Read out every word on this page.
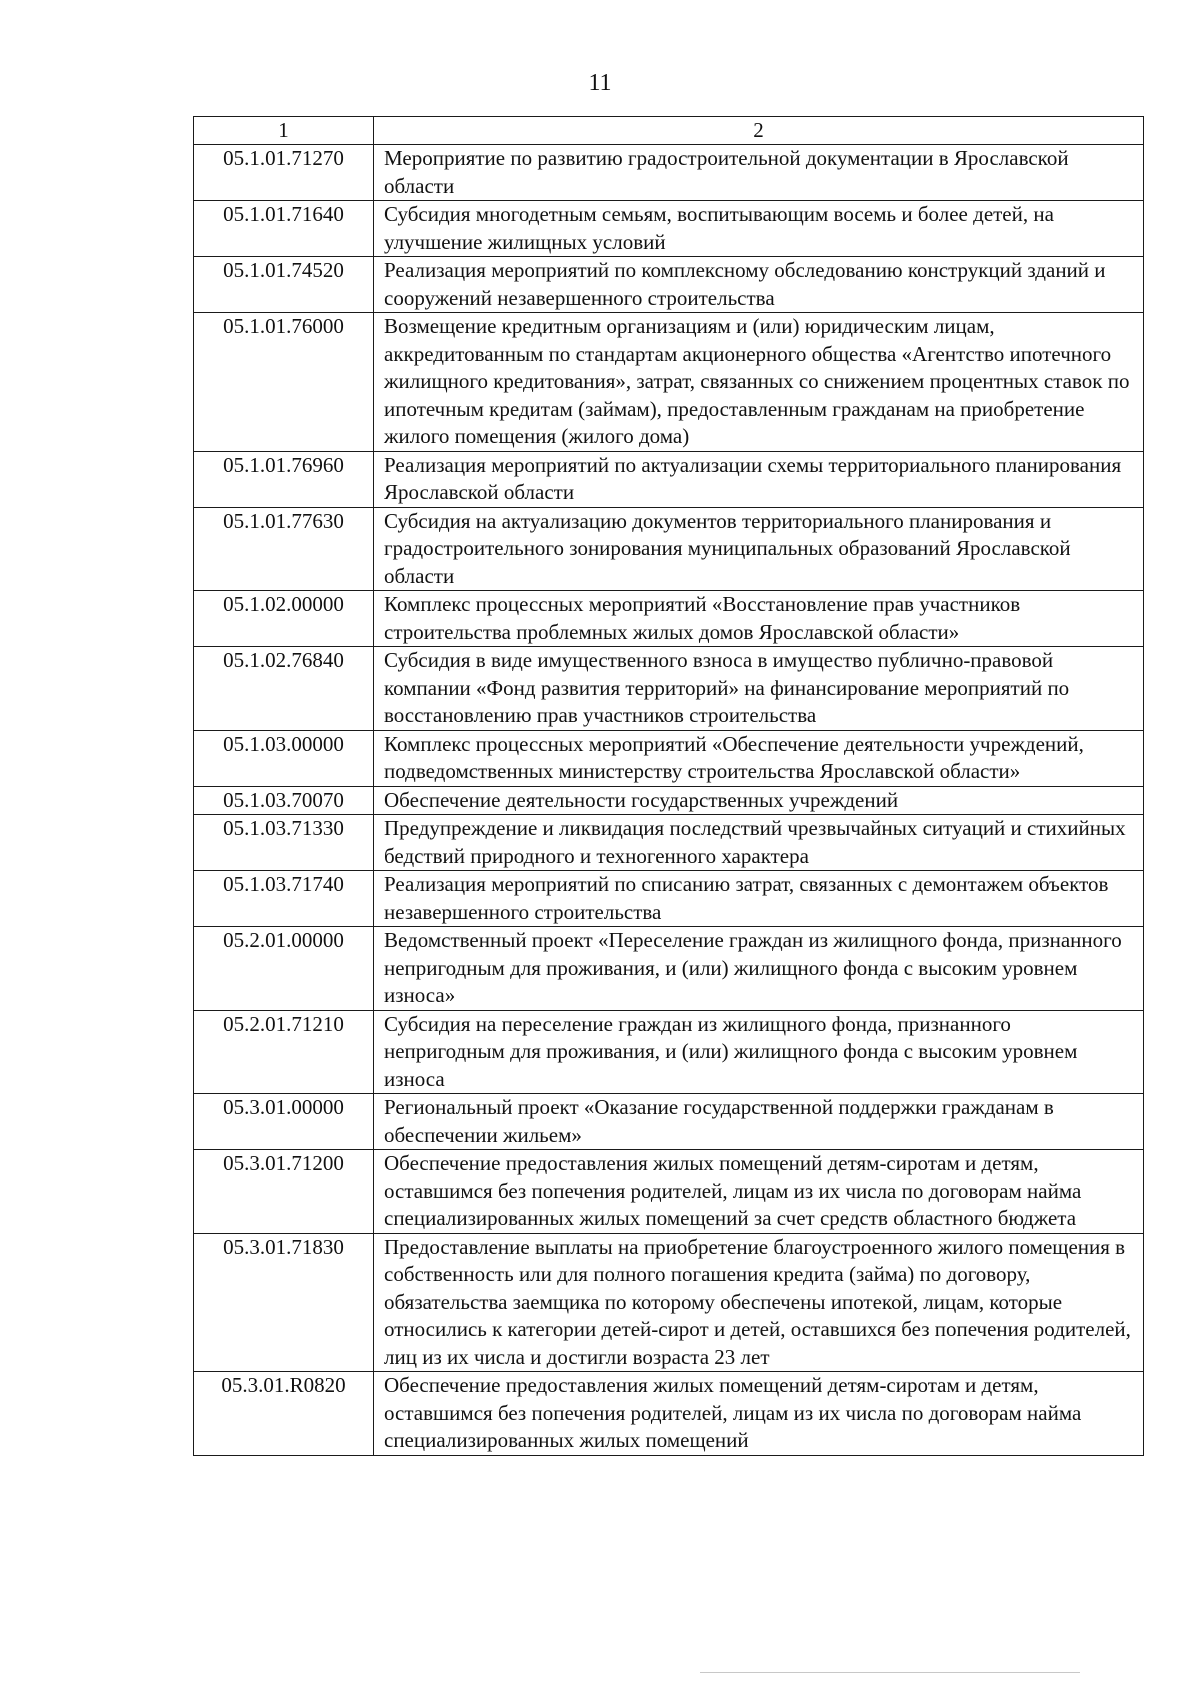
11
1	2
05.1.01.71270	Мероприятие по развитию градостроительной документации в Ярославской области
05.1.01.71640	Субсидия многодетным семьям, воспитывающим восемь и более детей, на улучшение жилищных условий
05.1.01.74520	Реализация мероприятий по комплексному обследованию конструкций зданий и сооружений незавершенного строительства
05.1.01.76000	Возмещение кредитным организациям и (или) юридическим лицам, аккредитованным по стандартам акционерного общества «Агентство ипотечного жилищного кредитования», затрат, связанных со снижением процентных ставок по ипотечным кредитам (займам), предоставленным гражданам на приобретение жилого помещения (жилого дома)
05.1.01.76960	Реализация мероприятий по актуализации схемы территориального планирования Ярославской области
05.1.01.77630	Субсидия на актуализацию документов территориального планирования и градостроительного зонирования муниципальных образований Ярославской области
05.1.02.00000	Комплекс процессных мероприятий «Восстановление прав участников строительства проблемных жилых домов Ярославской области»
05.1.02.76840	Субсидия в виде имущественного взноса в имущество публично-правовой компании «Фонд развития территорий» на финансирование мероприятий по восстановлению прав участников строительства
05.1.03.00000	Комплекс процессных мероприятий «Обеспечение деятельности учреждений, подведомственных министерству строительства Ярославской области»
05.1.03.70070	Обеспечение деятельности государственных учреждений
05.1.03.71330	Предупреждение и ликвидация последствий чрезвычайных ситуаций и стихийных бедствий природного и техногенного характера
05.1.03.71740	Реализация мероприятий по списанию затрат, связанных с демонтажем объектов незавершенного строительства
05.2.01.00000	Ведомственный проект «Переселение граждан из жилищного фонда, признанного непригодным для проживания, и (или) жилищного фонда с высоким уровнем износа»
05.2.01.71210	Субсидия на переселение граждан из жилищного фонда, признанного непригодным для проживания, и (или) жилищного фонда с высоким уровнем износа
05.3.01.00000	Региональный проект «Оказание государственной поддержки гражданам в обеспечении жильем»
05.3.01.71200	Обеспечение предоставления жилых помещений детям-сиротам и детям, оставшимся без попечения родителей, лицам из их числа по договорам найма специализированных жилых помещений за счет средств областного бюджета
05.3.01.71830	Предоставление выплаты на приобретение благоустроенного жилого помещения в собственность или для полного погашения кредита (займа) по договору, обязательства заемщика по которому обеспечены ипотекой, лицам, которые относились к категории детей-сирот и детей, оставшихся без попечения родителей, лиц из их числа и достигли возраста 23 лет
05.3.01.R0820	Обеспечение предоставления жилых помещений детям-сиротам и детям, оставшимся без попечения родителей, лицам из их числа по договорам найма специализированных жилых помещений
